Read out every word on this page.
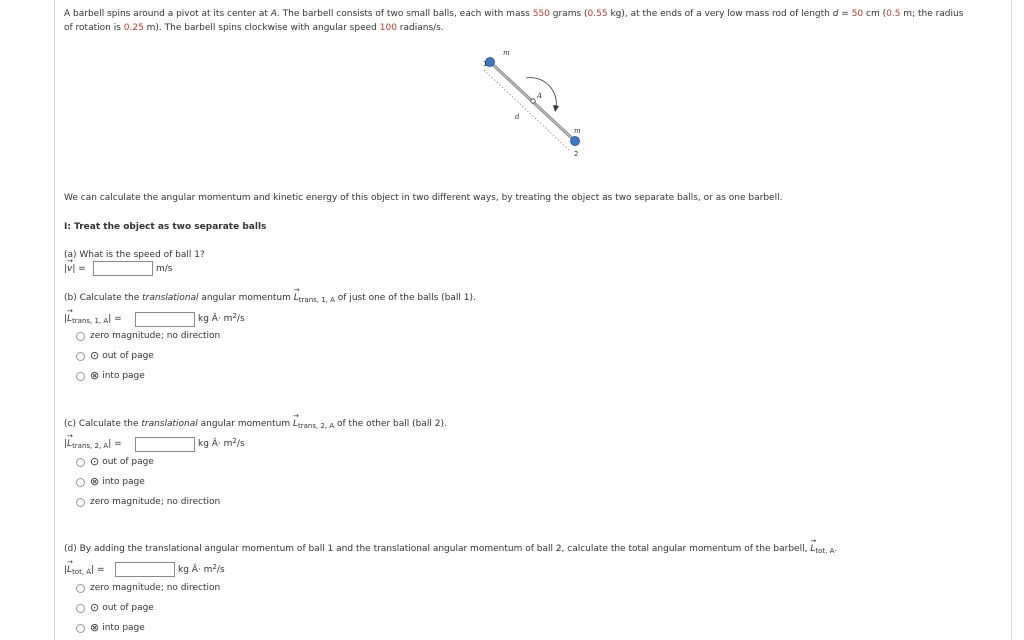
A barbell spins around a pivot at its center at A. The barbell consists of two small balls, each with mass 550 grams (0.55 kg), at the ends of a very low mass rod of length d = 50 cm (0.5 m; the radius
of rotation is 0.25 m). The barbell spins clockwise with angular speed 100 radians/s.
m
1
A
d
m
2
We can calculate the angular momentum and kinetic energy of this object in two different ways, by treating the object as two separate balls, or as one barbell.
I: Treat the object as two separate balls
(a) What is the speed of ball 1?
|→ v| =	m/s
(b) Calculate the translational angular momentum → $L_{trans, 1, A}$ of just one of the balls (ball 1).
|→ $L_{trans, 1, A}|$ =	kg Â· $m^2/s$
zero magnitude; no direction
⊙ out of page
⊗ into page
(c) Calculate the translational angular momentum → $L_{trans, 2, A}$ of the other ball (ball 2).
|→ $L_{trans, 2, A}|$ =	kg Â· $m^2/s$
⊙ out of page
⊗ into page
zero magnitude; no direction
(d) By adding the translational angular momentum of ball 1 and the translational angular momentum of ball 2, calculate the total angular momentum of the barbell, → $L_{tot, A}$.
|→ $L_{tot, A}|$ =	kg Â· $m^2/s$
zero magnitude; no direction
⊙ out of page
⊗ into page
